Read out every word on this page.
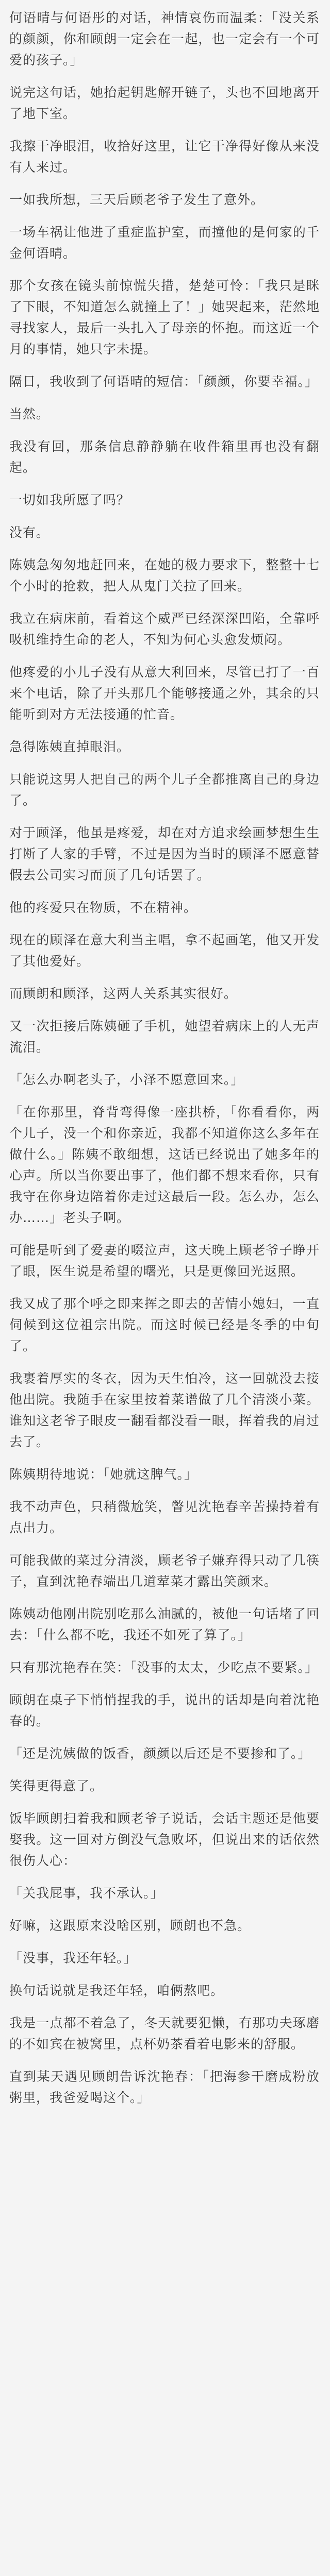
何语晴与何语彤的对话，神情哀伤而温柔：「没关系的颜颜，你和顾朗一定会在一起，也一定会有一个可爱的孩子。」

说完这句话，她抬起钥匙解开链子，头也不回地离开了地下室。

我擦干净眼泪，收拾好这里，让它干净得好像从来没有人来过。

一如我所想，三天后顾老爷子发生了意外。

一场车祸让他进了重症监护室，而撞他的是何家的千金何语晴。

那个女孩在镜头前惊慌失措，楚楚可怜：「我只是眯了下眼，不知道怎么就撞上了！」她哭起来，茫然地寻找家人，最后一头扎入了母亲的怀抱。而这近一个月的事情，她只字未提。

隔日，我收到了何语晴的短信：「颜颜，你要幸福。」

当然。

我没有回，那条信息静静躺在收件箱里再也没有翻起。

一切如我所愿了吗？

没有。

陈姨急匆匆地赶回来，在她的极力要求下，整整十七个小时的抢救，把人从鬼门关拉了回来。

我立在病床前，看着这个威严已经深深凹陷，全靠呼吸机维持生命的老人，不知为何心头愈发烦闷。

他疼爱的小儿子没有从意大利回来，尽管已打了一百来个电话，除了开头那几个能够接通之外，其余的只能听到对方无法接通的忙音。

急得陈姨直掉眼泪。

只能说这男人把自己的两个儿子全都推离自己的身边了。

对于顾泽，他虽是疼爱，却在对方追求绘画梦想生生打断了人家的手臂，不过是因为当时的顾泽不愿意替假去公司实习而顶了几句话罢了。

他的疼爱只在物质，不在精神。

现在的顾泽在意大利当主唱，拿不起画笔，他又开发了其他爱好。

而顾朗和顾泽，这两人关系其实很好。

又一次拒接后陈姨砸了手机，她望着病床上的人无声流泪。

「怎么办啊老头子，小泽不愿意回来。」

「在你那里，脊背弯得像一座拱桥，「你看看你，两个儿子，没一个和你亲近，我都不知道你这么多年在做什么。」陈姨不敢细想，这话已经说出了她多年的心声。所以当你要出事了，他们都不想来看你，只有我守在你身边陪着你走过这最后一段。怎么办，怎么办……」老头子啊。

可能是听到了爱妻的啜泣声，这天晚上顾老爷子睁开了眼，医生说是希望的曙光，只是更像回光返照。

我又成了那个呼之即来挥之即去的苦情小媳妇，一直伺候到这位祖宗出院。而这时候已经是冬季的中旬了。

我裹着厚实的冬衣，因为天生怕冷，这一回就没去接他出院。我随手在家里按着菜谱做了几个清淡小菜。谁知这老爷子眼皮一翻看都没看一眼，挥着我的肩过去了。

陈姨期待地说：「她就这脾气。」

我不动声色，只稍微尬笑，瞥见沈艳春辛苦操持着有点出力。

可能我做的菜过分清淡，顾老爷子嫌弃得只动了几筷子，直到沈艳春端出几道荤菜才露出笑颜来。

陈姨动他刚出院别吃那么油腻的，被他一句话堵了回去：「什么都不吃，我还不如死了算了。」

只有那沈艳春在笑：「没事的太太，少吃点不要紧。」

顾朗在桌子下悄悄捏我的手，说出的话却是向着沈艳春的。

「还是沈姨做的饭香，颜颜以后还是不要掺和了。」

笑得更得意了。

饭毕顾朗扫着我和顾老爷子说话，会话主题还是他要娶我。这一回对方倒没气急败坏，但说出来的话依然很伤人心：

「关我屁事，我不承认。」

好嘛，这跟原来没啥区别，顾朗也不急。

「没事，我还年轻。」

换句话说就是我还年轻，咱俩熬吧。

我是一点都不着急了，冬天就要犯懒，有那功夫琢磨的不如宾在被窝里，点杯奶茶看着电影来的舒服。

直到某天遇见顾朗告诉沈艳春：「把海参干磨成粉放粥里，我爸爱喝这个。」
